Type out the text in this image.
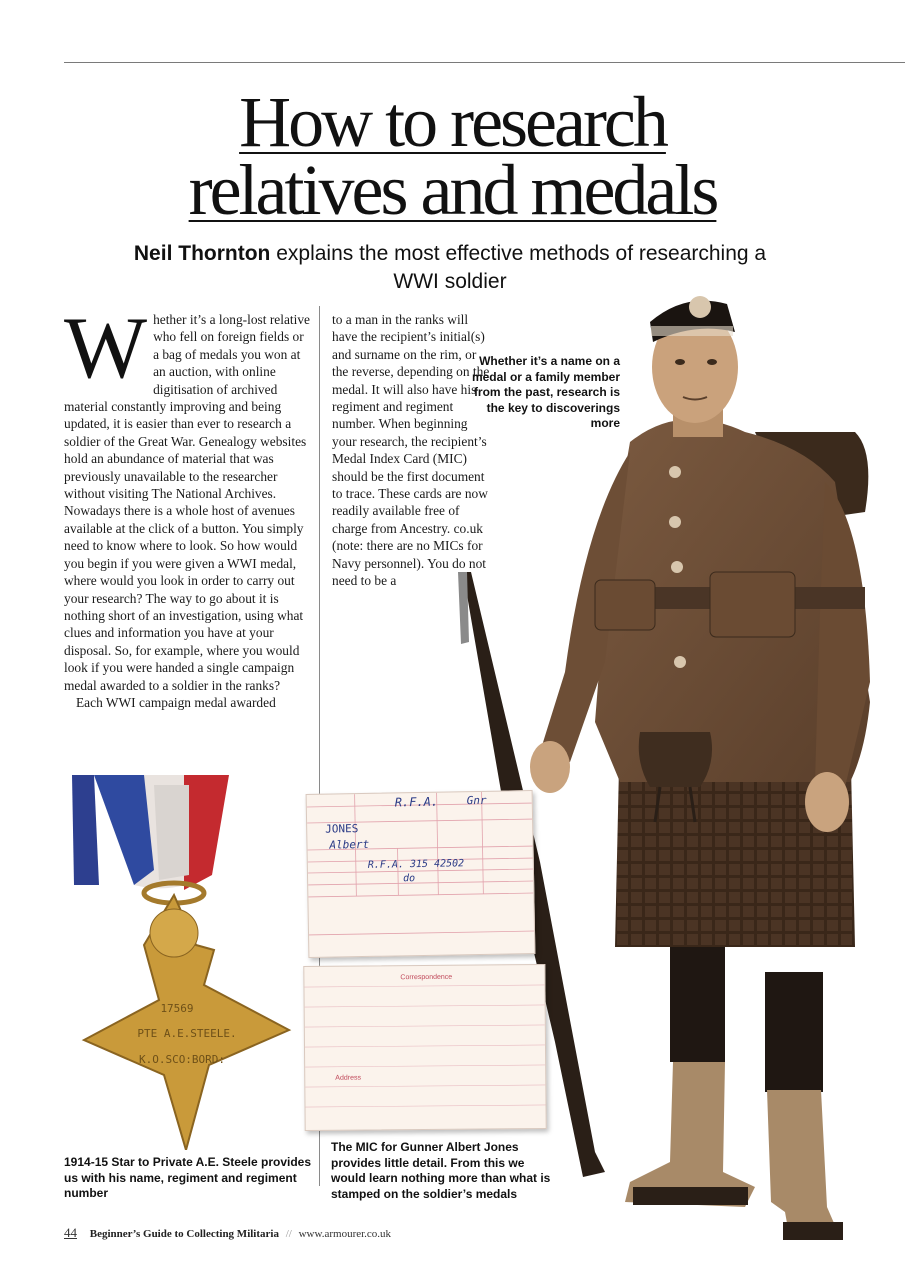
How to research
relatives and medals
Neil Thornton explains the most effective methods of researching a WWI soldier
Whether it’s a name on a medal or a family member from the past, research is the key to discoverings more

Whether it’s a long-lost relative who fell on foreign fields or a bag of medals you won at an auction, with online digitisation of archived material constantly improving and being updated, it is easier than ever to research a soldier of the Great War. Genealogy websites hold an abundance of material that was previously unavailable to the researcher without visiting The National Archives. Nowadays there is a whole host of avenues available at the click of a button. You simply need to know where to look. So how would you begin if you were given a WWI medal, where would you look in order to carry out your research? The way to go about it is nothing short of an investigation, using what clues and information you have at your disposal. So, for example, where you would look if you were handed a single campaign medal awarded to a soldier in the ranks?

Each WWI campaign medal awarded

to a man in the ranks will have the recipient’s initial(s) and surname on the rim, or the reverse, depending on the medal. It will also have his regiment and regiment number. When beginning your research, the recipient’s Medal Index Card (MIC) should be the first document to trace. These cards are now readily available free of charge from Ancestry. co.uk (note: there are no MICs for Navy personnel). You do not need to be a

17569
PTE A.E.STEELE.
K.O.SCO:BORD:
JONES
Albert
R.F.A.	Gnr
R.F.A. 315 42502
do
Correspondence
Address
1914-15 Star to Private A.E. Steele provides us with his name, regiment and regiment number
The MIC for Gunner Albert Jones provides little detail. From this we would learn nothing more than what is stamped on the soldier’s medals
44 Beginner’s Guide to Collecting Militaria // www.armourer.co.uk
